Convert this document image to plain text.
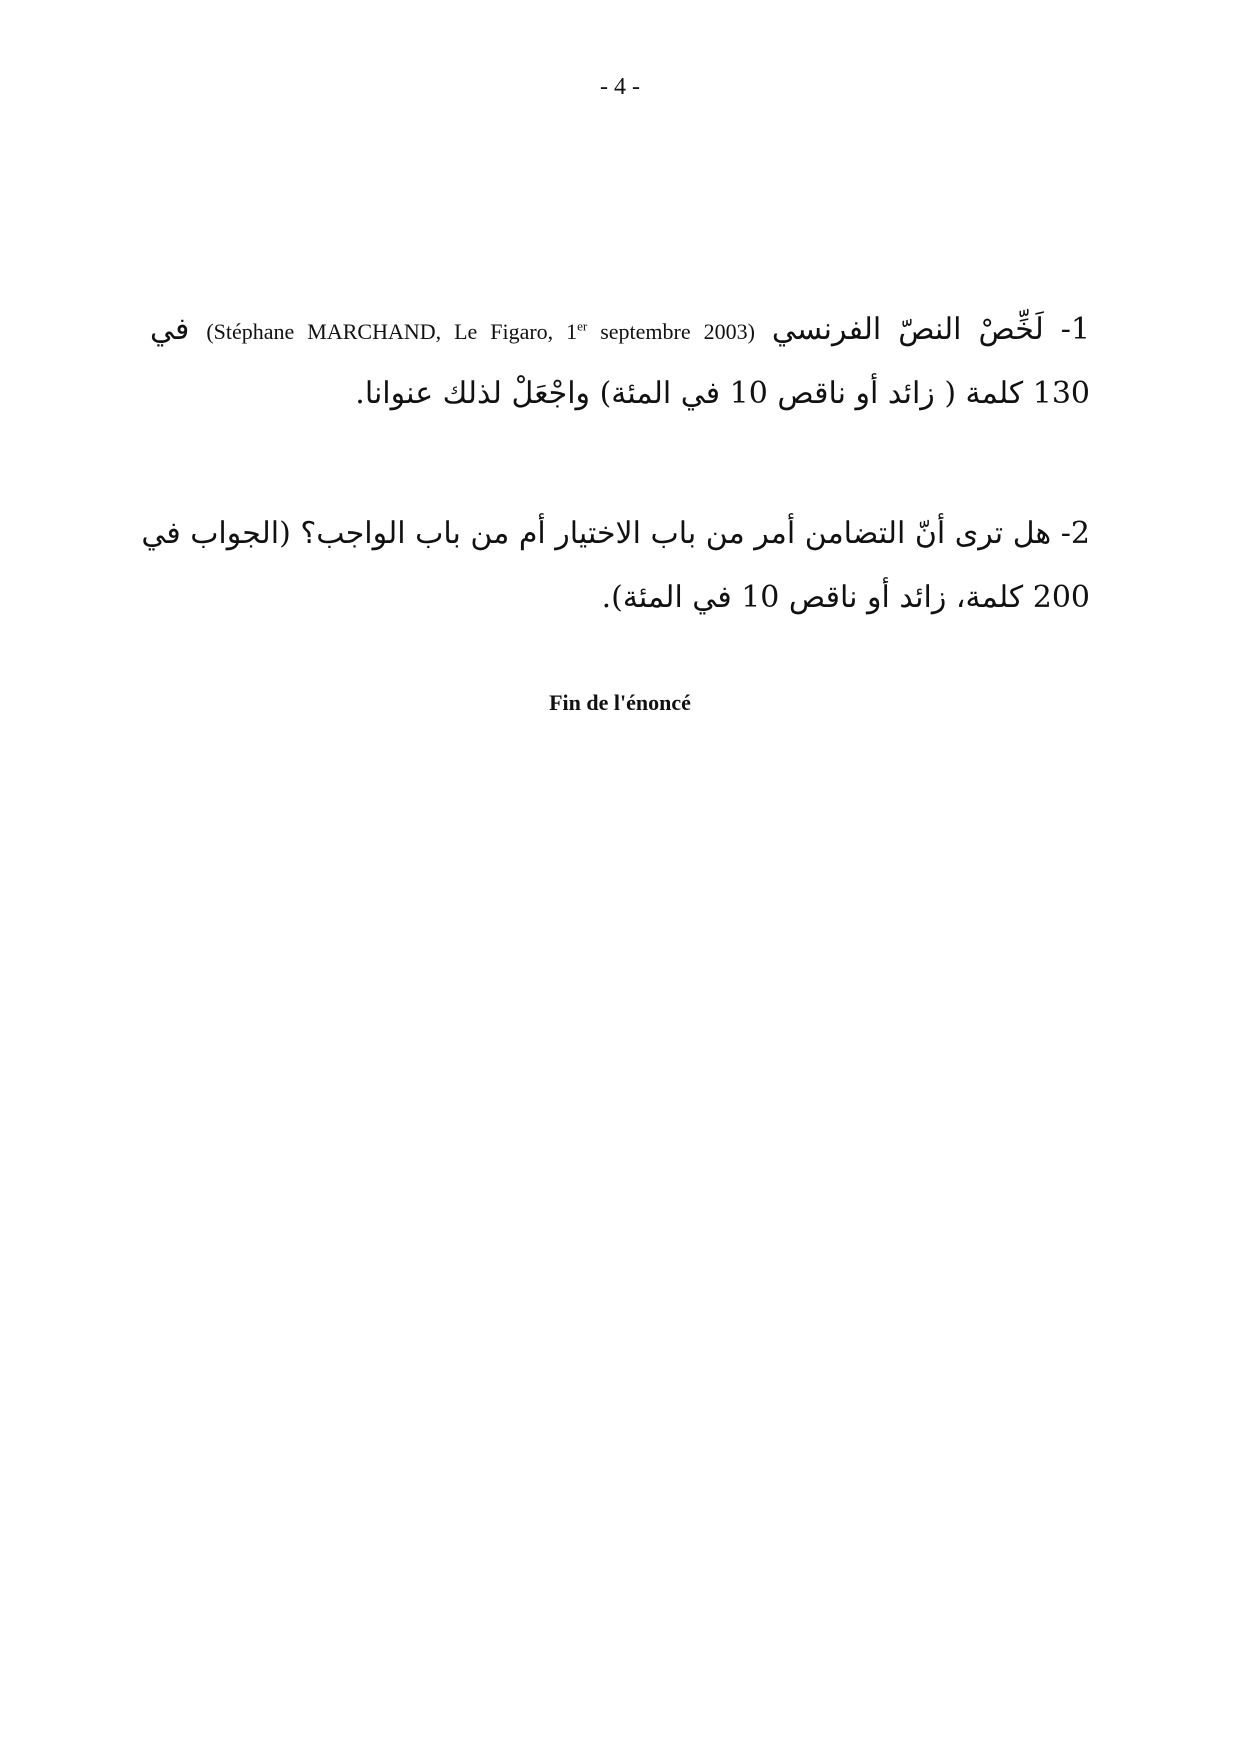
- 4 -
1- لَخِّصْ النصّ الفرنسي (Stéphane MARCHAND, Le Figaro, 1er septembre 2003) في
130 كلمة ( زائد أو ناقص 10 في المئة) واجْعَلْ لذلك عنوانا.
2- هل ترى أنّ التضامن أمر من باب الاختيار أم من باب الواجب؟ (الجواب في
200 كلمة، زائد أو ناقص 10 في المئة).
Fin de l'énoncé
